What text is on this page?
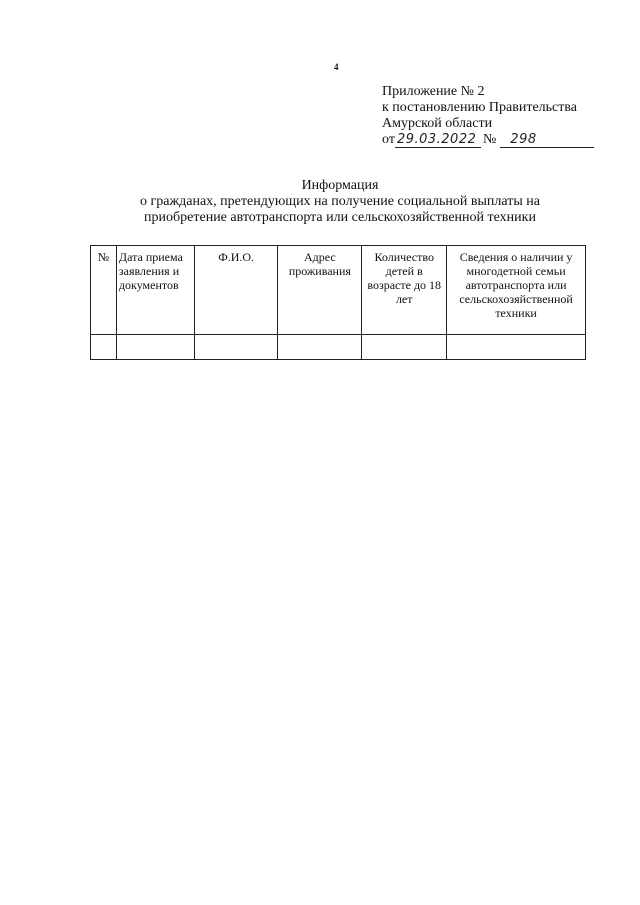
4
Приложение № 2
к постановлению Правительства
Амурской области
от 29.03.2022 №	298
Информация
о гражданах, претендующих на получение социальной выплаты на
приобретение автотранспорта или сельскохозяйственной техники
№	Дата приема заявления и документов	Ф.И.О.	Адрес проживания	Количество детей в возрасте до 18 лет	Сведения о наличии у многодетной семьи автотранспорта или сельскохозяйственной техники
